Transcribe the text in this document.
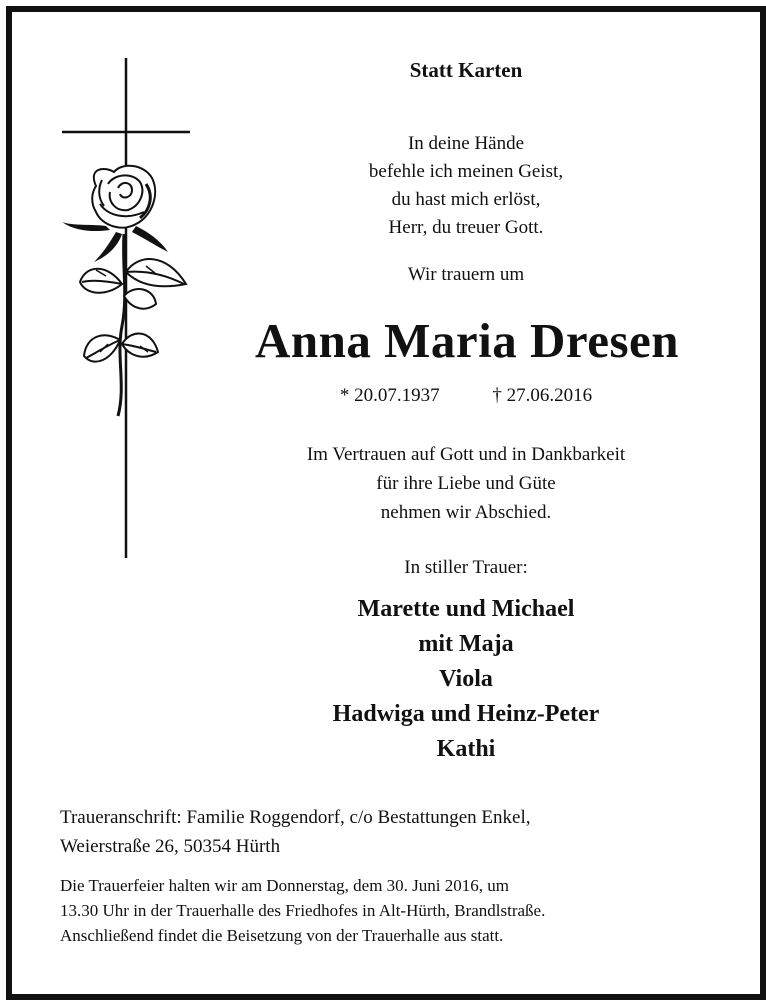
Statt Karten
In deine Hände
befehle ich meinen Geist,
du hast mich erlöst,
Herr, du treuer Gott.
Wir trauern um
Anna Maria Dresen
* 20.07.1937	† 27.06.2016
Im Vertrauen auf Gott und in Dankbarkeit
für ihre Liebe und Güte
nehmen wir Abschied.
In stiller Trauer:
Marette und Michael
mit Maja
Viola
Hadwiga und Heinz-Peter
Kathi
Traueranschrift: Familie Roggendorf, c/o Bestattungen Enkel,
Weierstraße 26, 50354 Hürth
Die Trauerfeier halten wir am Donnerstag, dem 30. Juni 2016, um
13.30 Uhr in der Trauerhalle des Friedhofes in Alt-Hürth, Brandlstraße.
Anschließend findet die Beisetzung von der Trauerhalle aus statt.
